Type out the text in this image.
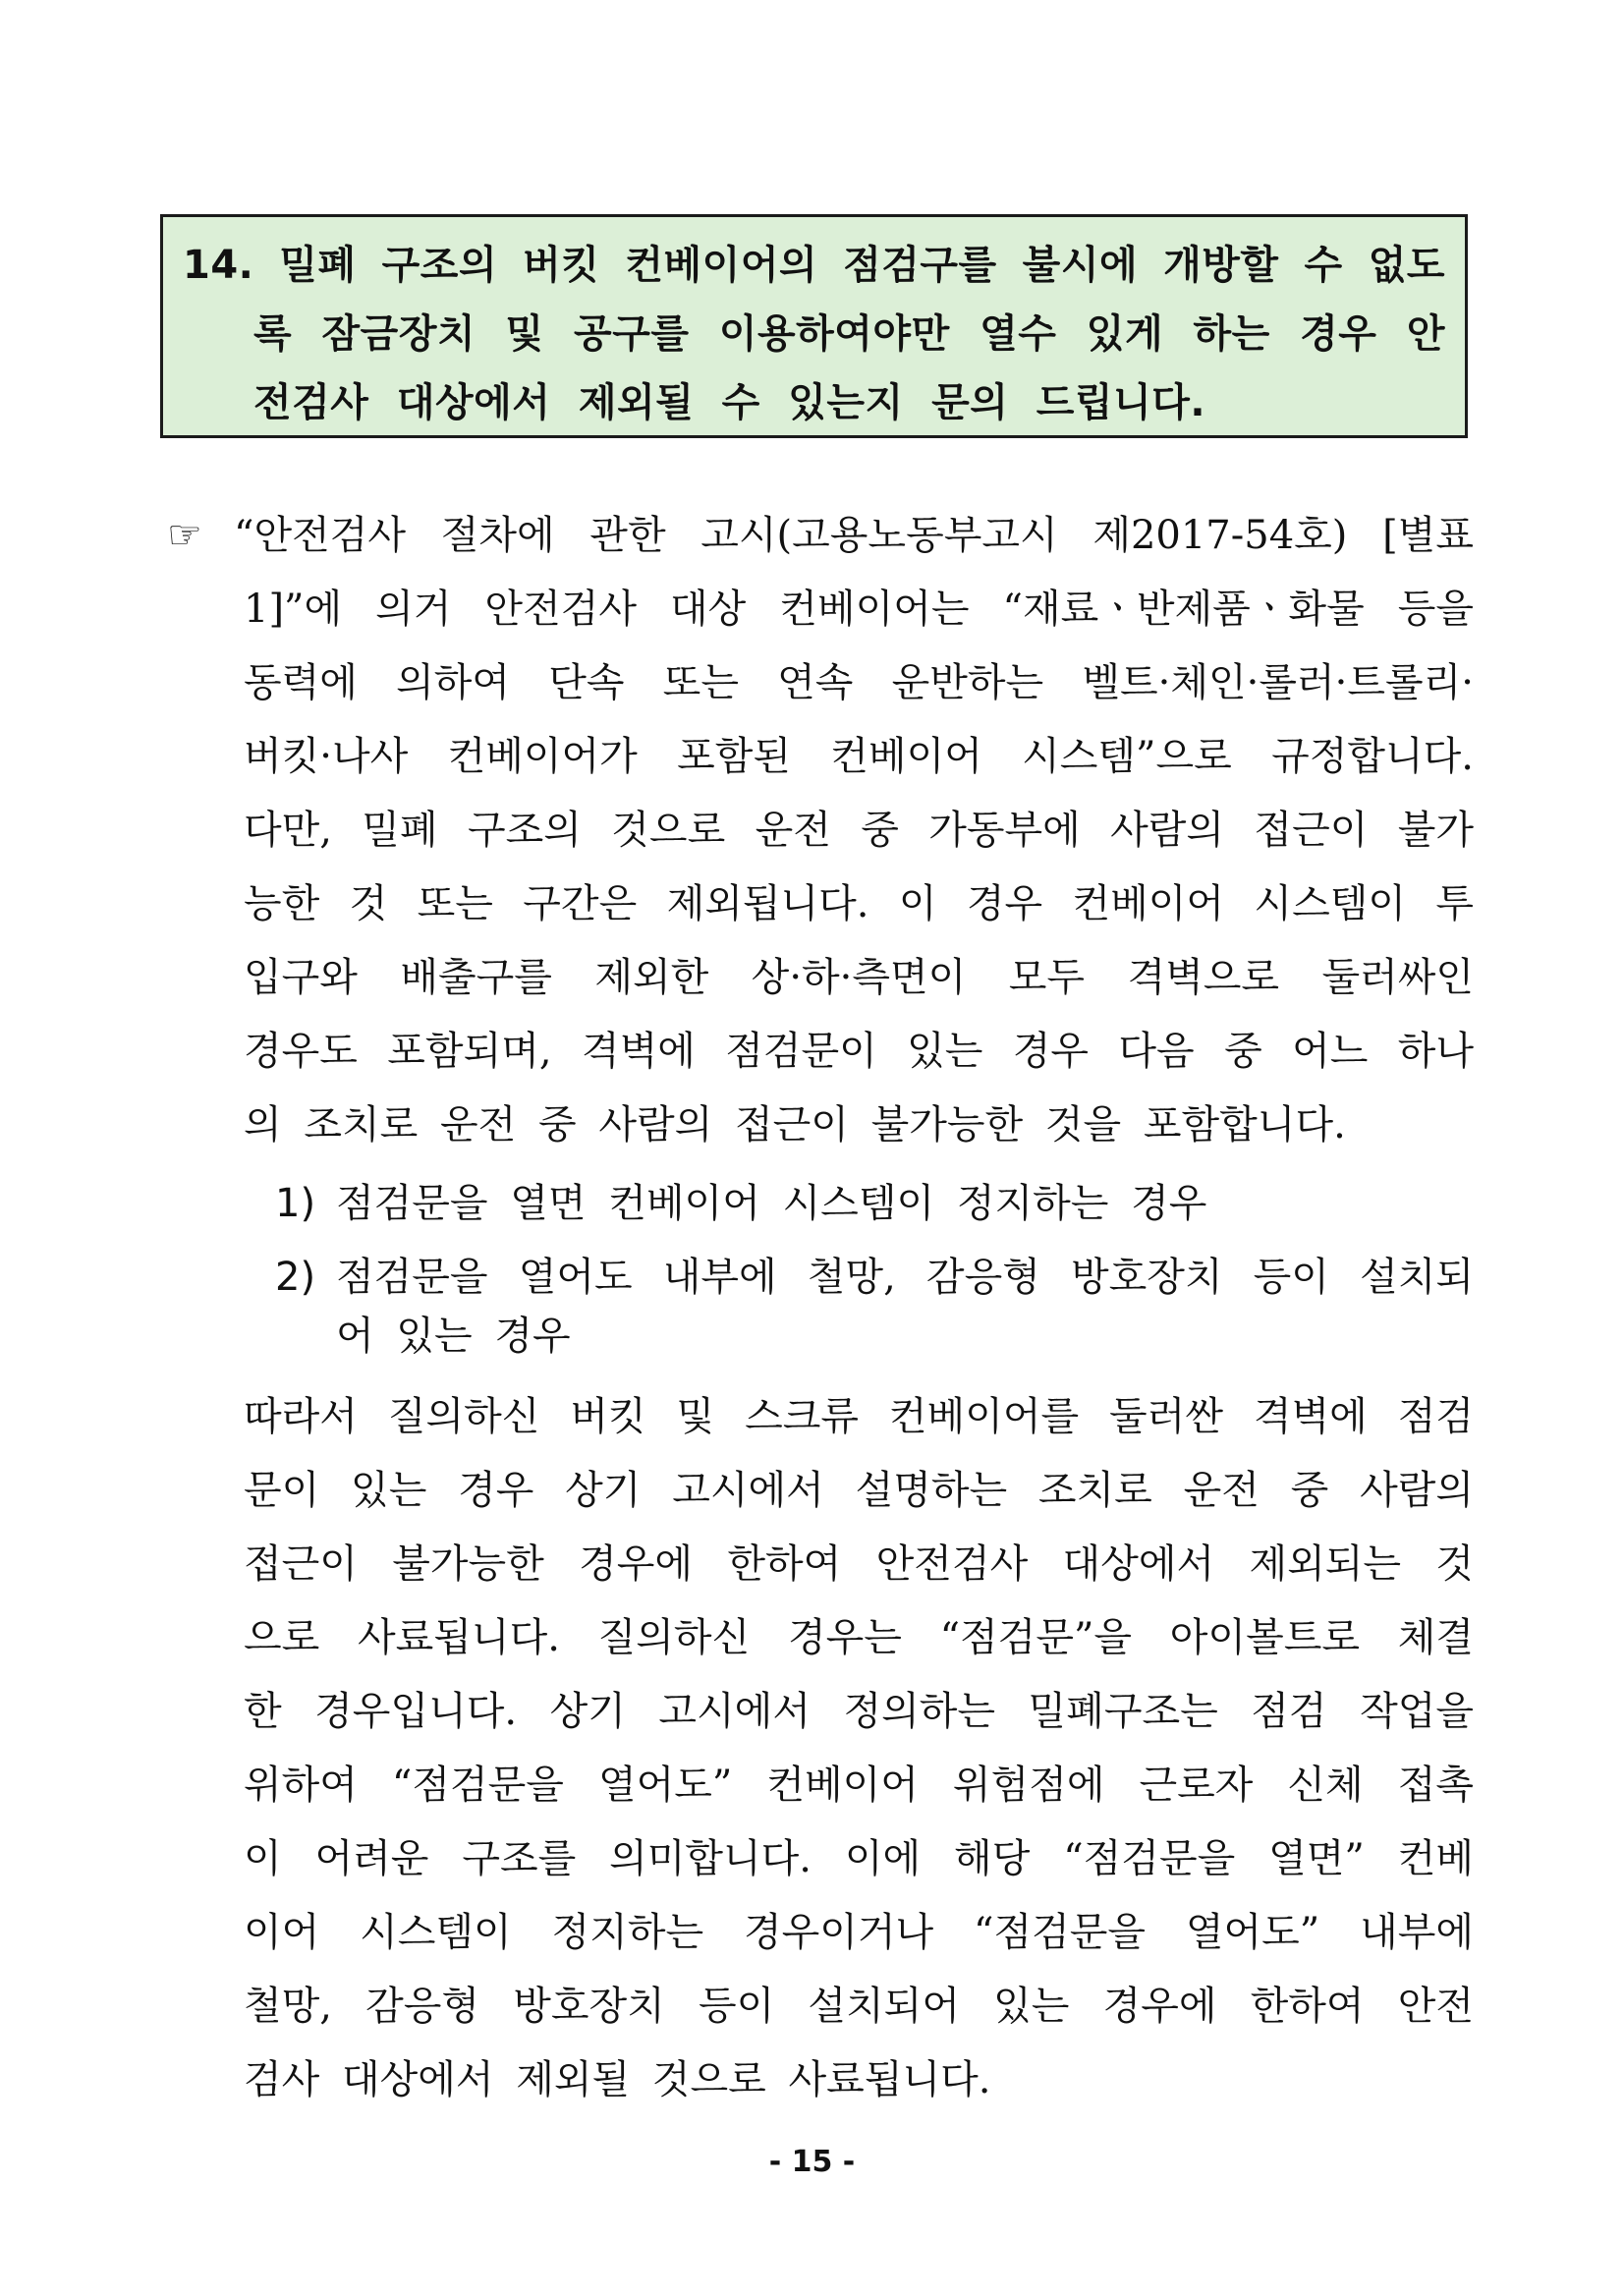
14. 밀폐 구조의 버킷 컨베이어의 점검구를 불시에 개방할 수 없도
록 잠금장치 및 공구를 이용하여야만 열수 있게 하는 경우 안
전검사 대상에서 제외될 수 있는지 문의 드립니다.
☞ “안전검사 절차에 관한 고시(고용노동부고시 제2017-54호) [별표
1]”에 의거 안전검사 대상 컨베이어는 “재료ㆍ반제품ㆍ화물 등을
동력에 의하여 단속 또는 연속 운반하는 벨트·체인·롤러·트롤리·
버킷·나사 컨베이어가 포함된 컨베이어 시스템”으로 규정합니다.
다만, 밀폐 구조의 것으로 운전 중 가동부에 사람의 접근이 불가
능한 것 또는 구간은 제외됩니다. 이 경우 컨베이어 시스템이 투
입구와 배출구를 제외한 상·하·측면이 모두 격벽으로 둘러싸인
경우도 포함되며, 격벽에 점검문이 있는 경우 다음 중 어느 하나
의 조치로 운전 중 사람의 접근이 불가능한 것을 포함합니다.
1) 점검문을 열면 컨베이어 시스템이 정지하는 경우
2) 점검문을 열어도 내부에 철망, 감응형 방호장치 등이 설치되
어 있는 경우
따라서 질의하신 버킷 및 스크류 컨베이어를 둘러싼 격벽에 점검
문이 있는 경우 상기 고시에서 설명하는 조치로 운전 중 사람의
접근이 불가능한 경우에 한하여 안전검사 대상에서 제외되는 것
으로 사료됩니다. 질의하신 경우는 “점검문”을 아이볼트로 체결
한 경우입니다. 상기 고시에서 정의하는 밀폐구조는 점검 작업을
위하여 “점검문을 열어도” 컨베이어 위험점에 근로자 신체 접촉
이 어려운 구조를 의미합니다. 이에 해당 “점검문을 열면” 컨베
이어 시스템이 정지하는 경우이거나 “점검문을 열어도” 내부에
철망, 감응형 방호장치 등이 설치되어 있는 경우에 한하여 안전
검사 대상에서 제외될 것으로 사료됩니다.
- 15 -
